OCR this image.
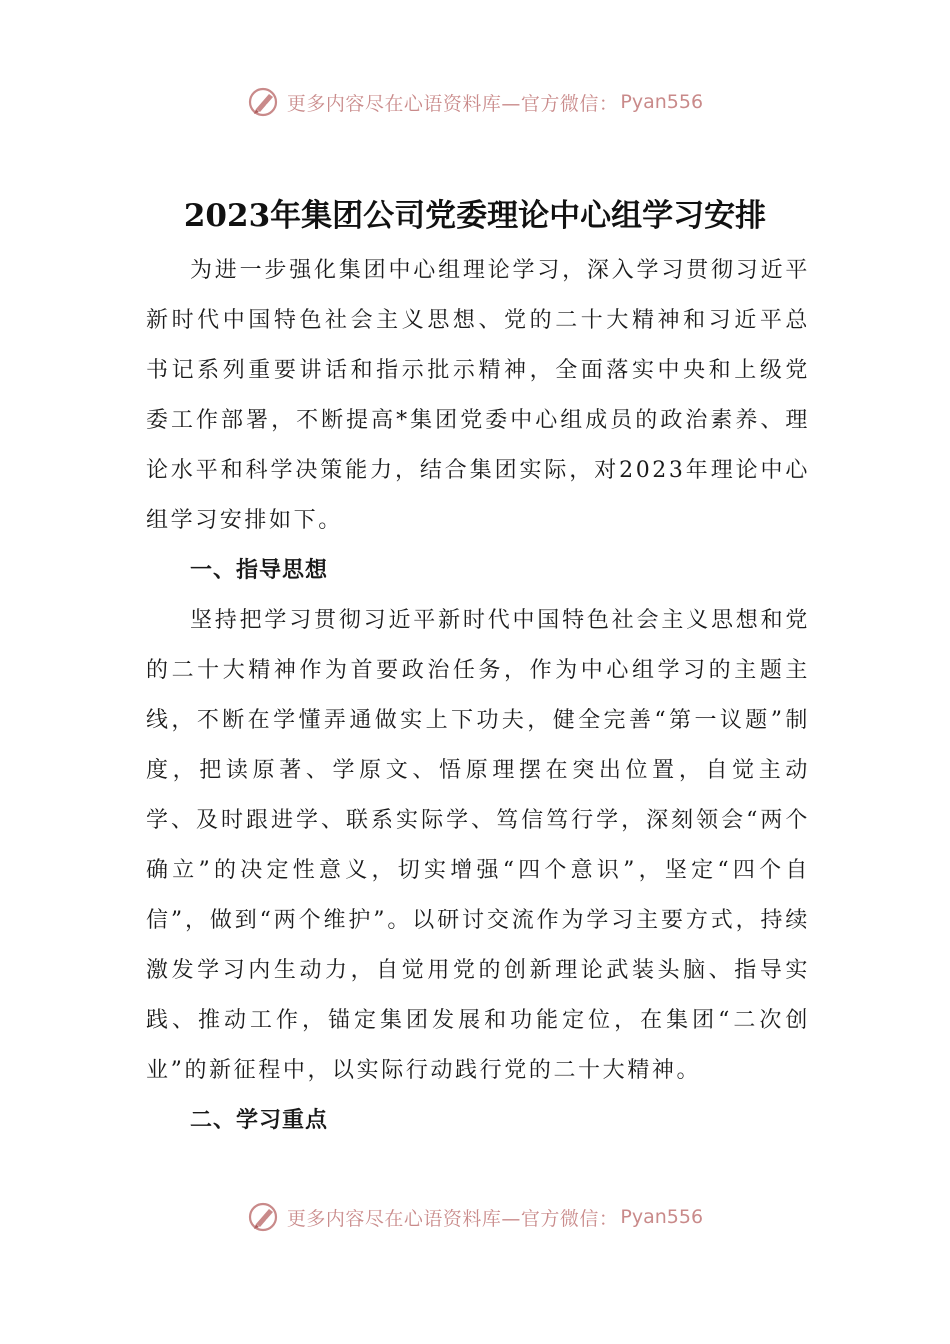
更多内容尽在心语资料库—官方微信： Pyan556
2023年集团公司党委理论中心组学习安排

为进一步强化集团中心组理论学习，深入学习贯彻习近平新时代中国特色社会主义思想、党的二十大精神和习近平总书记系列重要讲话和指示批示精神，全面落实中央和上级党委工作部署，不断提高*集团党委中心组成员的政治素养、理论水平和科学决策能力，结合集团实际，对2023年理论中心组学习安排如下。

一、指导思想

坚持把学习贯彻习近平新时代中国特色社会主义思想和党的二十大精神作为首要政治任务，作为中心组学习的主题主线，不断在学懂弄通做实上下功夫，健全完善“第一议题”制度，把读原著、学原文、悟原理摆在突出位置，自觉主动学、及时跟进学、联系实际学、笃信笃行学，深刻领会“两个确立”的决定性意义，切实增强“四个意识”，坚定“四个自信”，做到“两个维护”。以研讨交流作为学习主要方式，持续激发学习内生动力，自觉用党的创新理论武装头脑、指导实践、推动工作，锚定集团发展和功能定位，在集团“二次创业”的新征程中，以实际行动践行党的二十大精神。

二、学习重点
更多内容尽在心语资料库—官方微信： Pyan556
